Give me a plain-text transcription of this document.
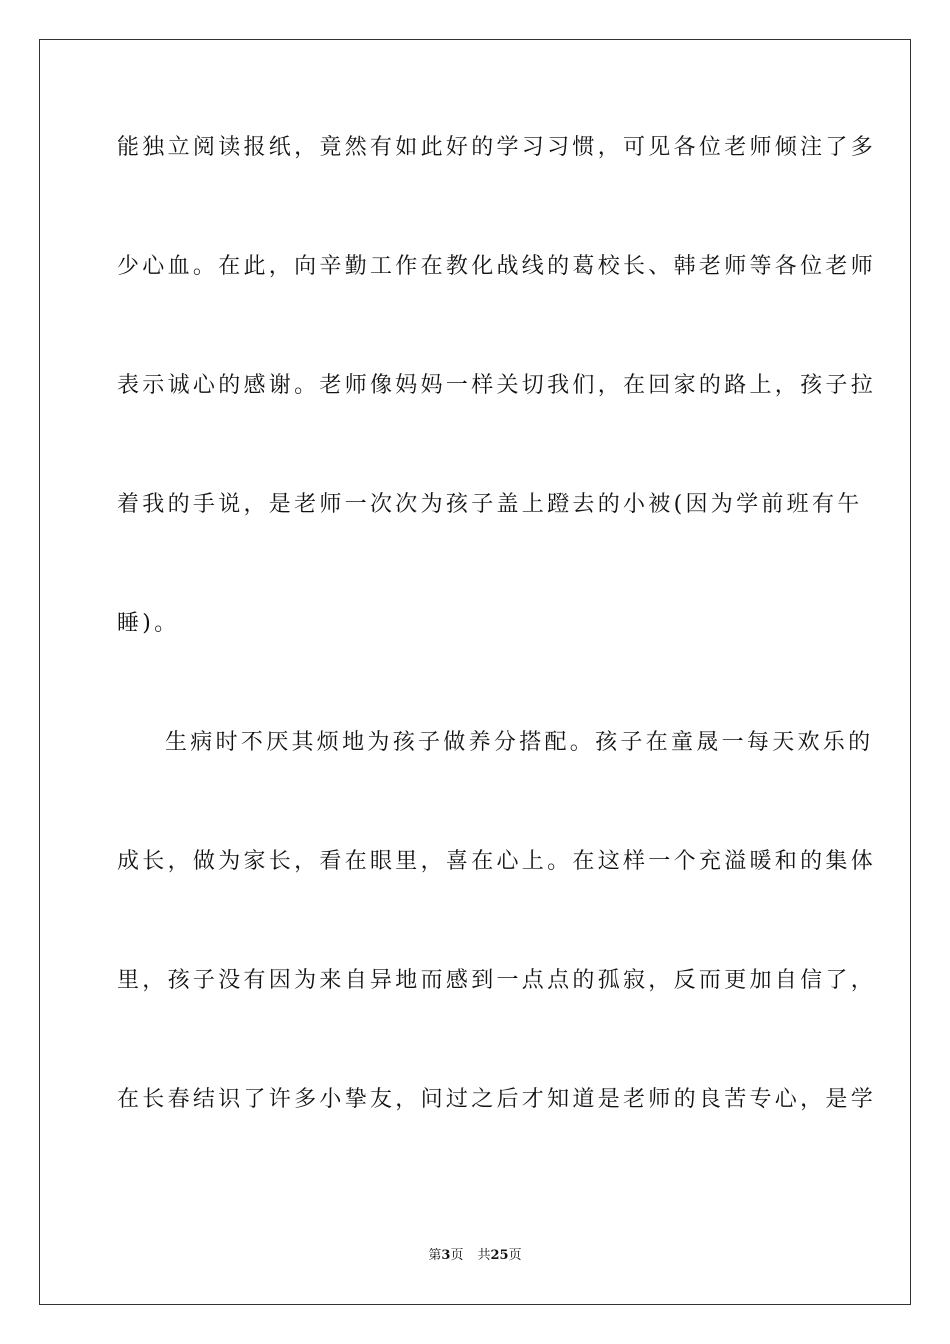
能独立阅读报纸，竟然有如此好的学习习惯，可见各位老师倾注了多
少心血。在此，向辛勤工作在教化战线的葛校长、韩老师等各位老师
表示诚心的感谢。老师像妈妈一样关切我们，在回家的路上，孩子拉
着我的手说，是老师一次次为孩子盖上蹬去的小被(因为学前班有午
睡)。
生病时不厌其烦地为孩子做养分搭配。孩子在童晟一每天欢乐的
成长，做为家长，看在眼里，喜在心上。在这样一个充溢暖和的集体
里，孩子没有因为来自异地而感到一点点的孤寂，反而更加自信了，
在长春结识了许多小挚友，问过之后才知道是老师的良苦专心，是学
第3页 共25页
